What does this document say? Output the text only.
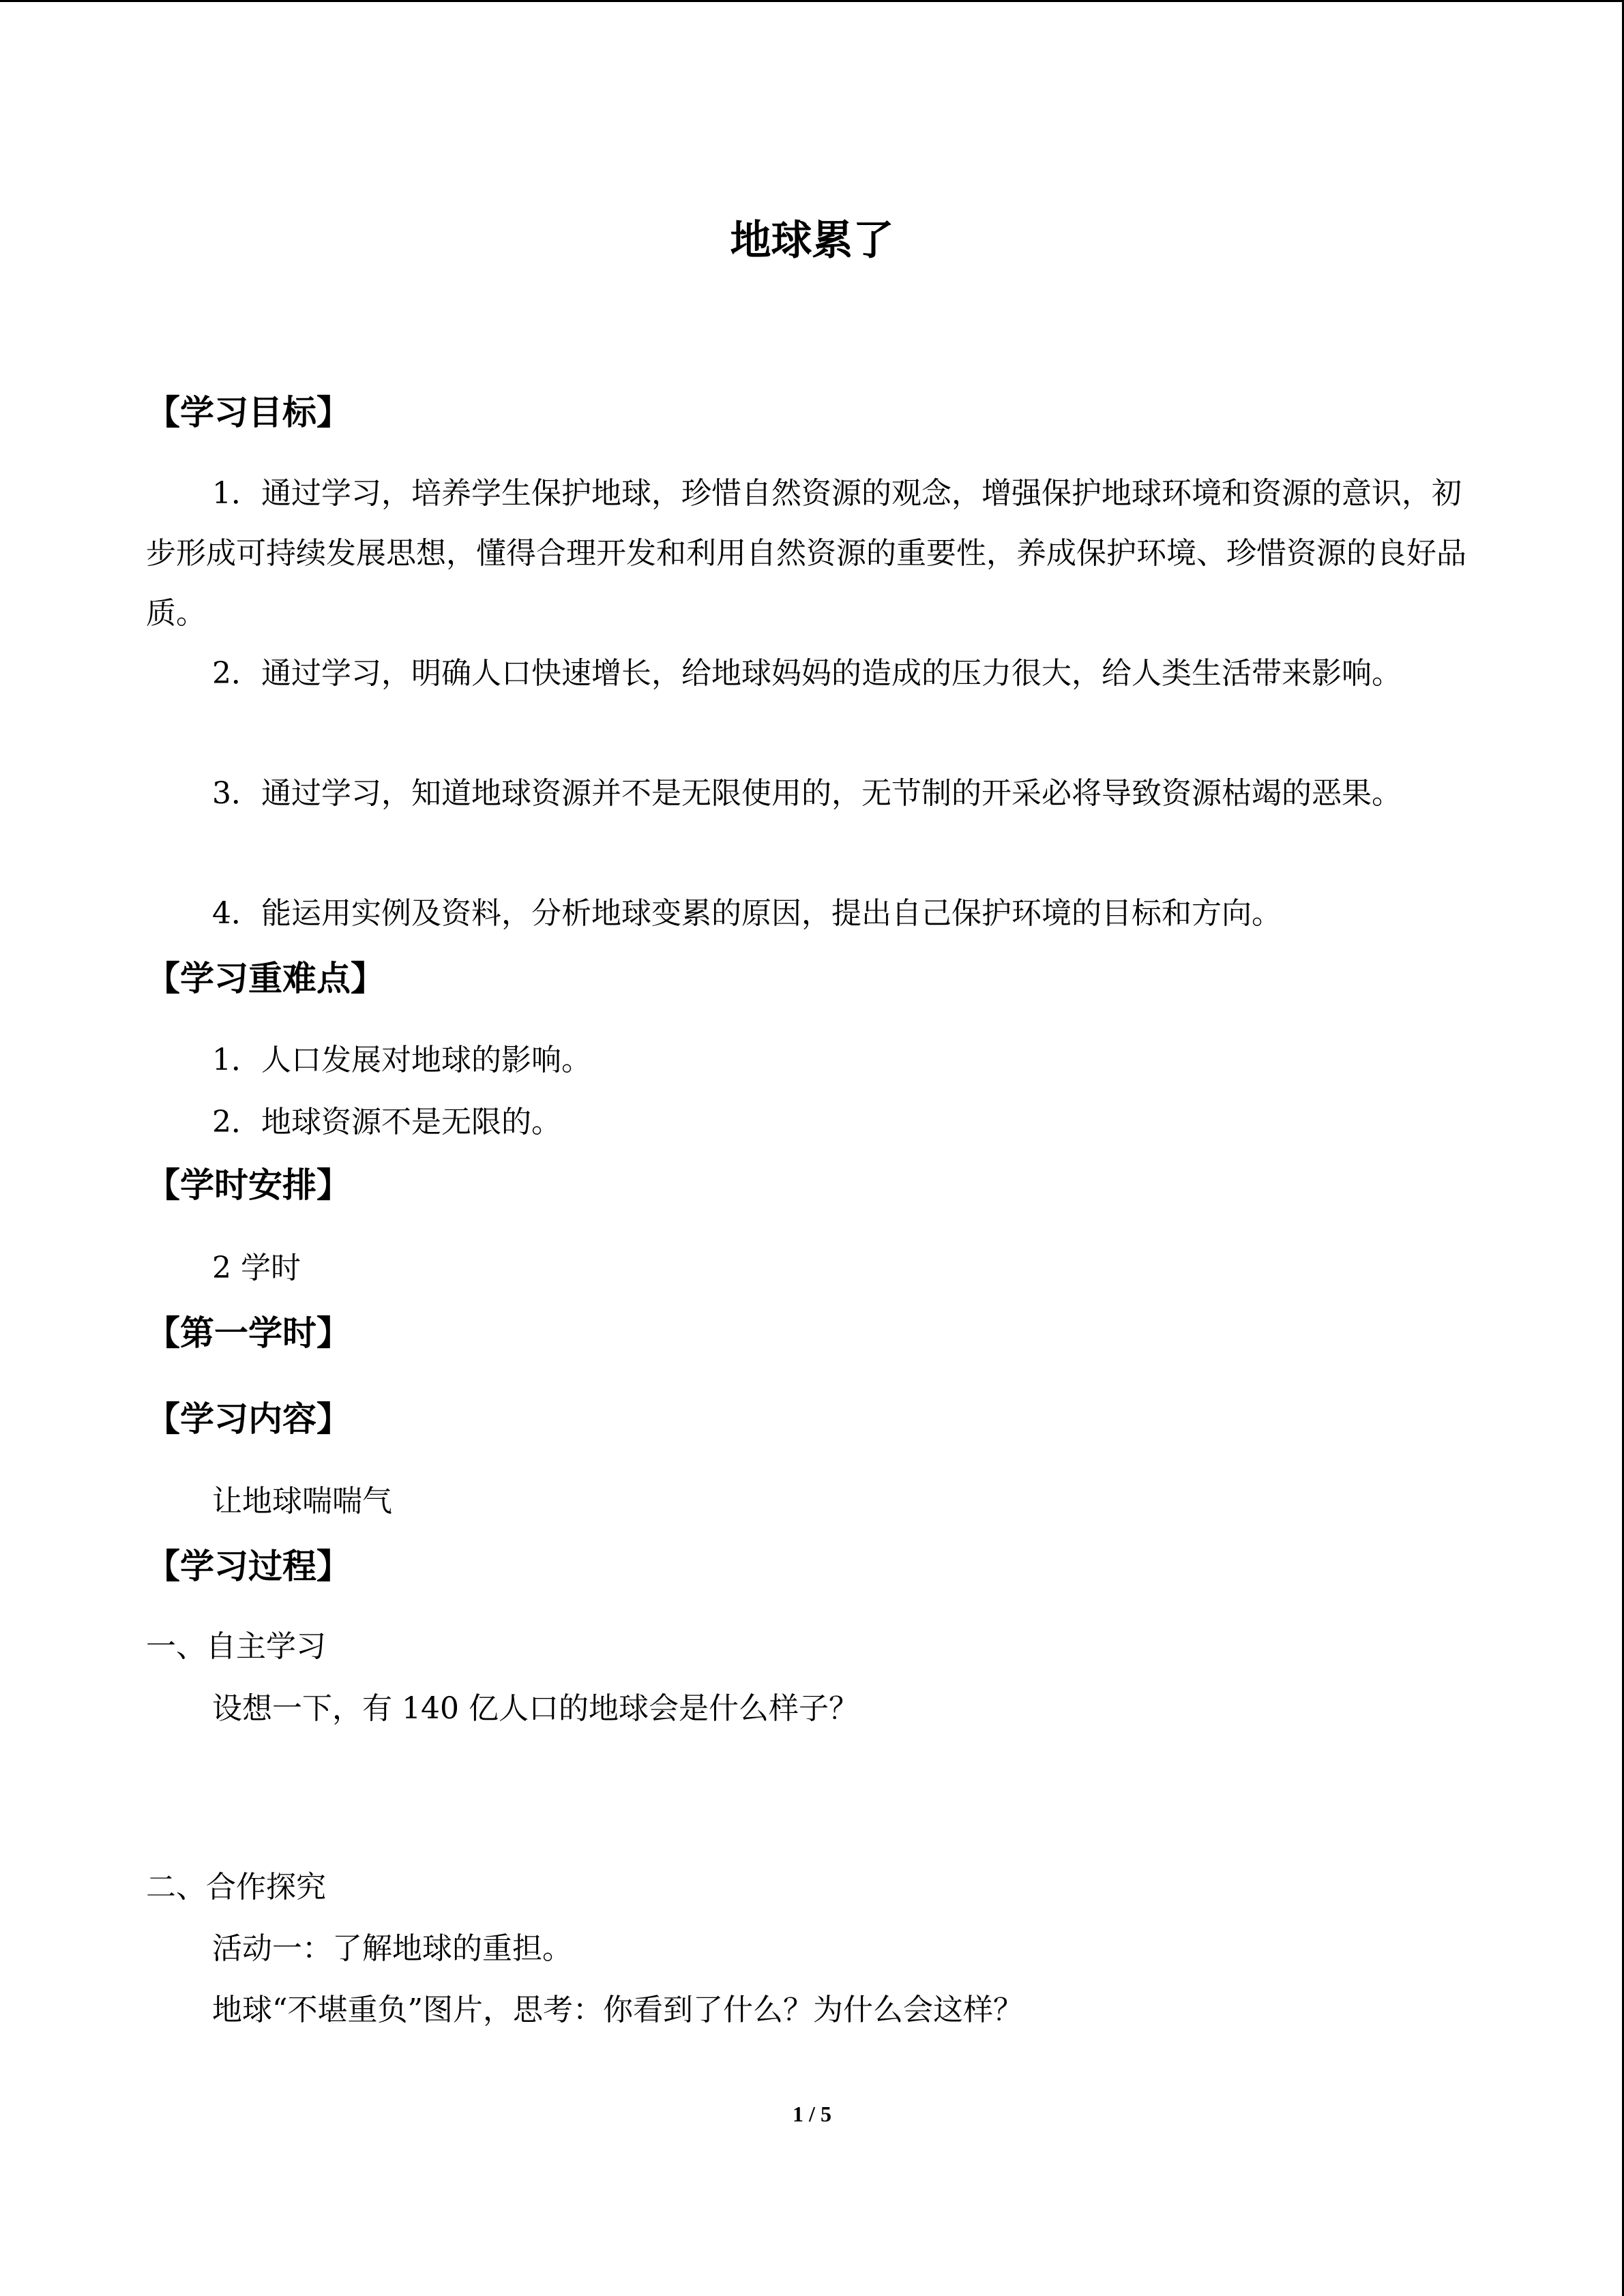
地球累了
【学习目标】
1．通过学习，培养学生保护地球，珍惜自然资源的观念，增强保护地球环境和资源的意识，初步形成可持续发展思想，懂得合理开发和利用自然资源的重要性，养成保护环境、珍惜资源的良好品质。
2．通过学习，明确人口快速增长，给地球妈妈的造成的压力很大，给人类生活带来影响。
3．通过学习，知道地球资源并不是无限使用的，无节制的开采必将导致资源枯竭的恶果。
4．能运用实例及资料，分析地球变累的原因，提出自己保护环境的目标和方向。
【学习重难点】
1．人口发展对地球的影响。
2．地球资源不是无限的。
【学时安排】
2 学时
【第一学时】
【学习内容】
让地球喘喘气
【学习过程】
一、自主学习
设想一下，有 140 亿人口的地球会是什么样子？
二、合作探究
活动一：了解地球的重担。
地球“不堪重负”图片，思考：你看到了什么？为什么会这样？
1 / 5
